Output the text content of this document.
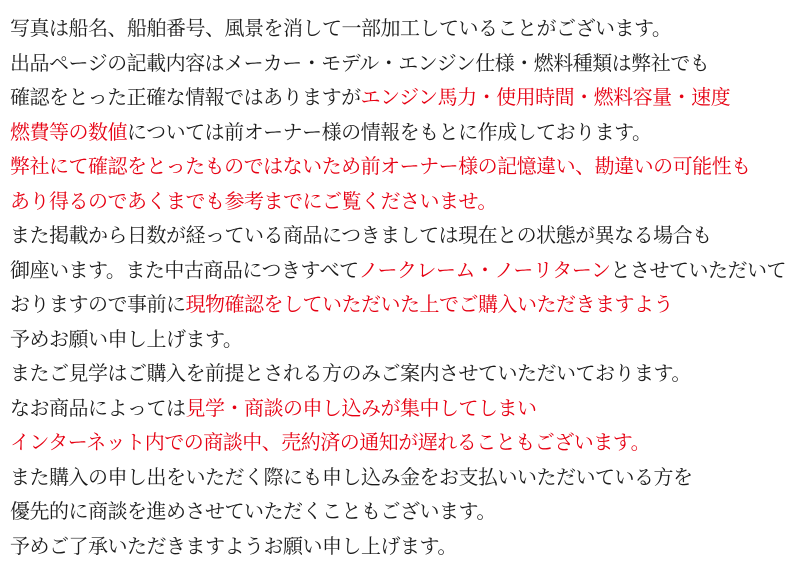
写真は船名、船舶番号、風景を消して一部加工していることがございます。
出品ページの記載内容はメーカー・モデル・エンジン仕様・燃料種類は弊社でも
確認をとった正確な情報ではありますがエンジン馬力・使用時間・燃料容量・速度
燃費等の数値については前オーナー様の情報をもとに作成しております。
弊社にて確認をとったものではないため前オーナー様の記憶違い、勘違いの可能性も
あり得るのであくまでも参考までにご覧くださいませ。
また掲載から日数が経っている商品につきましては現在との状態が異なる場合も
御座います。また中古商品につきすべてノークレーム・ノーリターンとさせていただいて
おりますので事前に現物確認をしていただいた上でご購入いただきますよう
予めお願い申し上げます。
またご見学はご購入を前提とされる方のみご案内させていただいております。
なお商品によっては見学・商談の申し込みが集中してしまい
インターネット内での商談中、売約済の通知が遅れることもございます。
また購入の申し出をいただく際にも申し込み金をお支払いいただいている方を
優先的に商談を進めさせていただくこともございます。
予めご了承いただきますようお願い申し上げます。
